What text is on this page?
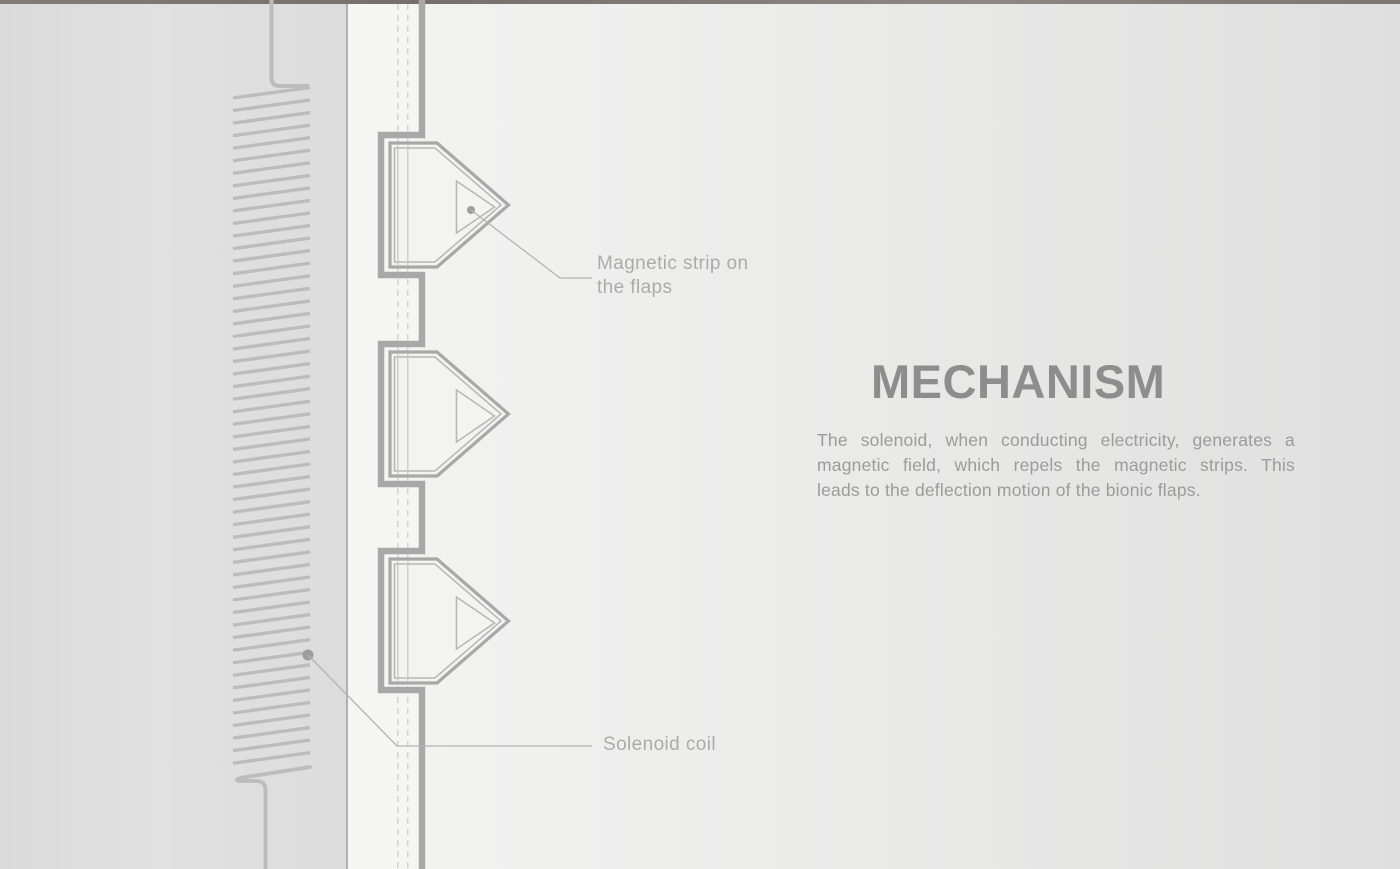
Magnetic strip on
the flaps
Solenoid coil
MECHANISM
The solenoid, when conducting electricity, generates a
magnetic field, which repels the magnetic strips. This
leads to the deflection motion of the bionic flaps.
